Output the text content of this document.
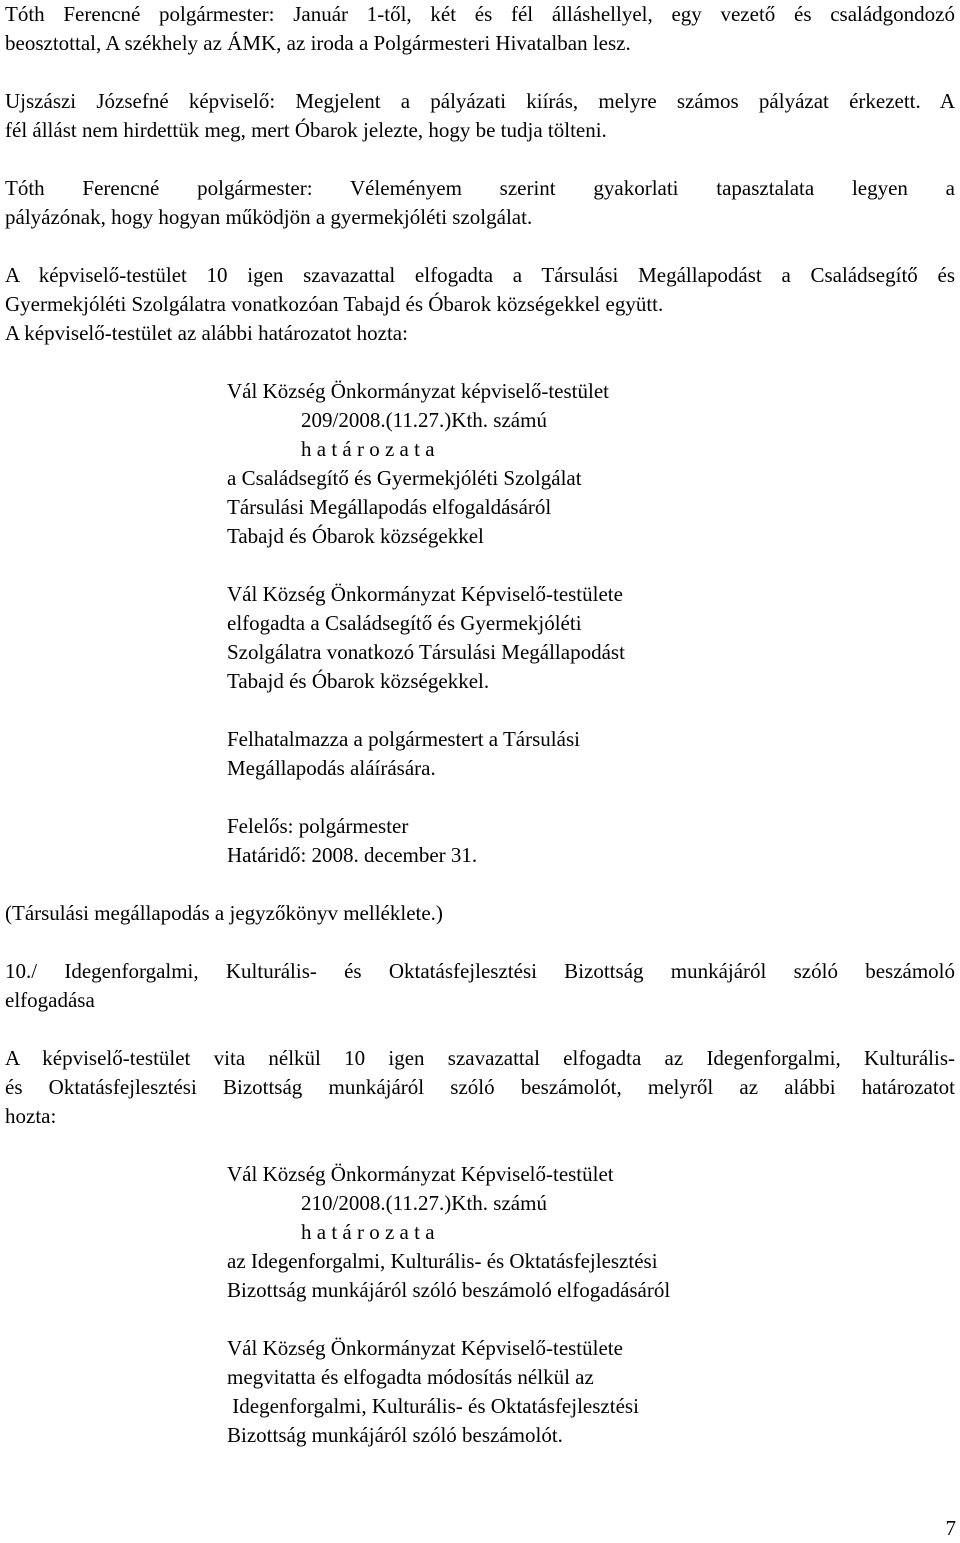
Tóth Ferencné polgármester: Január 1-től, két és fél álláshellyel, egy vezető és családgondozó
beosztottal, A székhely az ÁMK, az iroda a Polgármesteri Hivatalban lesz.
Ujszászi Józsefné képviselő: Megjelent a pályázati kiírás, melyre számos pályázat érkezett. A
fél állást nem hirdettük meg, mert Óbarok jelezte, hogy be tudja tölteni.
Tóth Ferencné polgármester: Véleményem szerint gyakorlati tapasztalata legyen a
pályázónak, hogy hogyan működjön a gyermekjóléti szolgálat.
A képviselő-testület 10 igen szavazattal elfogadta a Társulási Megállapodást a Családsegítő és
Gyermekjóléti Szolgálatra vonatkozóan Tabajd és Óbarok községekkel együtt.
A képviselő-testület az alábbi határozatot hozta:
Vál Község Önkormányzat képviselő-testület
209/2008.(11.27.)Kth. számú
h a t á r o z a t a
a Családsegítő és Gyermekjóléti Szolgálat
Társulási Megállapodás elfogaldásáról
Tabajd és Óbarok községekkel
Vál Község Önkormányzat Képviselő-testülete
elfogadta a Családsegítő és Gyermekjóléti
Szolgálatra vonatkozó Társulási Megállapodást
Tabajd és Óbarok községekkel.
Felhatalmazza a polgármestert a Társulási
Megállapodás aláírására.
Felelős: polgármester
Határidő: 2008. december 31.
(Társulási megállapodás a jegyzőkönyv melléklete.)
10./ Idegenforgalmi, Kulturális- és Oktatásfejlesztési Bizottság munkájáról szóló beszámoló
elfogadása
A képviselő-testület vita nélkül 10 igen szavazattal elfogadta az Idegenforgalmi, Kulturális-
és Oktatásfejlesztési Bizottság munkájáról szóló beszámolót, melyről az alábbi határozatot
hozta:
Vál Község Önkormányzat Képviselő-testület
210/2008.(11.27.)Kth. számú
h a t á r o z a t a
az Idegenforgalmi, Kulturális- és Oktatásfejlesztési
Bizottság munkájáról szóló beszámoló elfogadásáról
Vál Község Önkormányzat Képviselő-testülete
megvitatta és elfogadta módosítás nélkül az
Idegenforgalmi, Kulturális- és Oktatásfejlesztési
Bizottság munkájáról szóló beszámolót.
7
